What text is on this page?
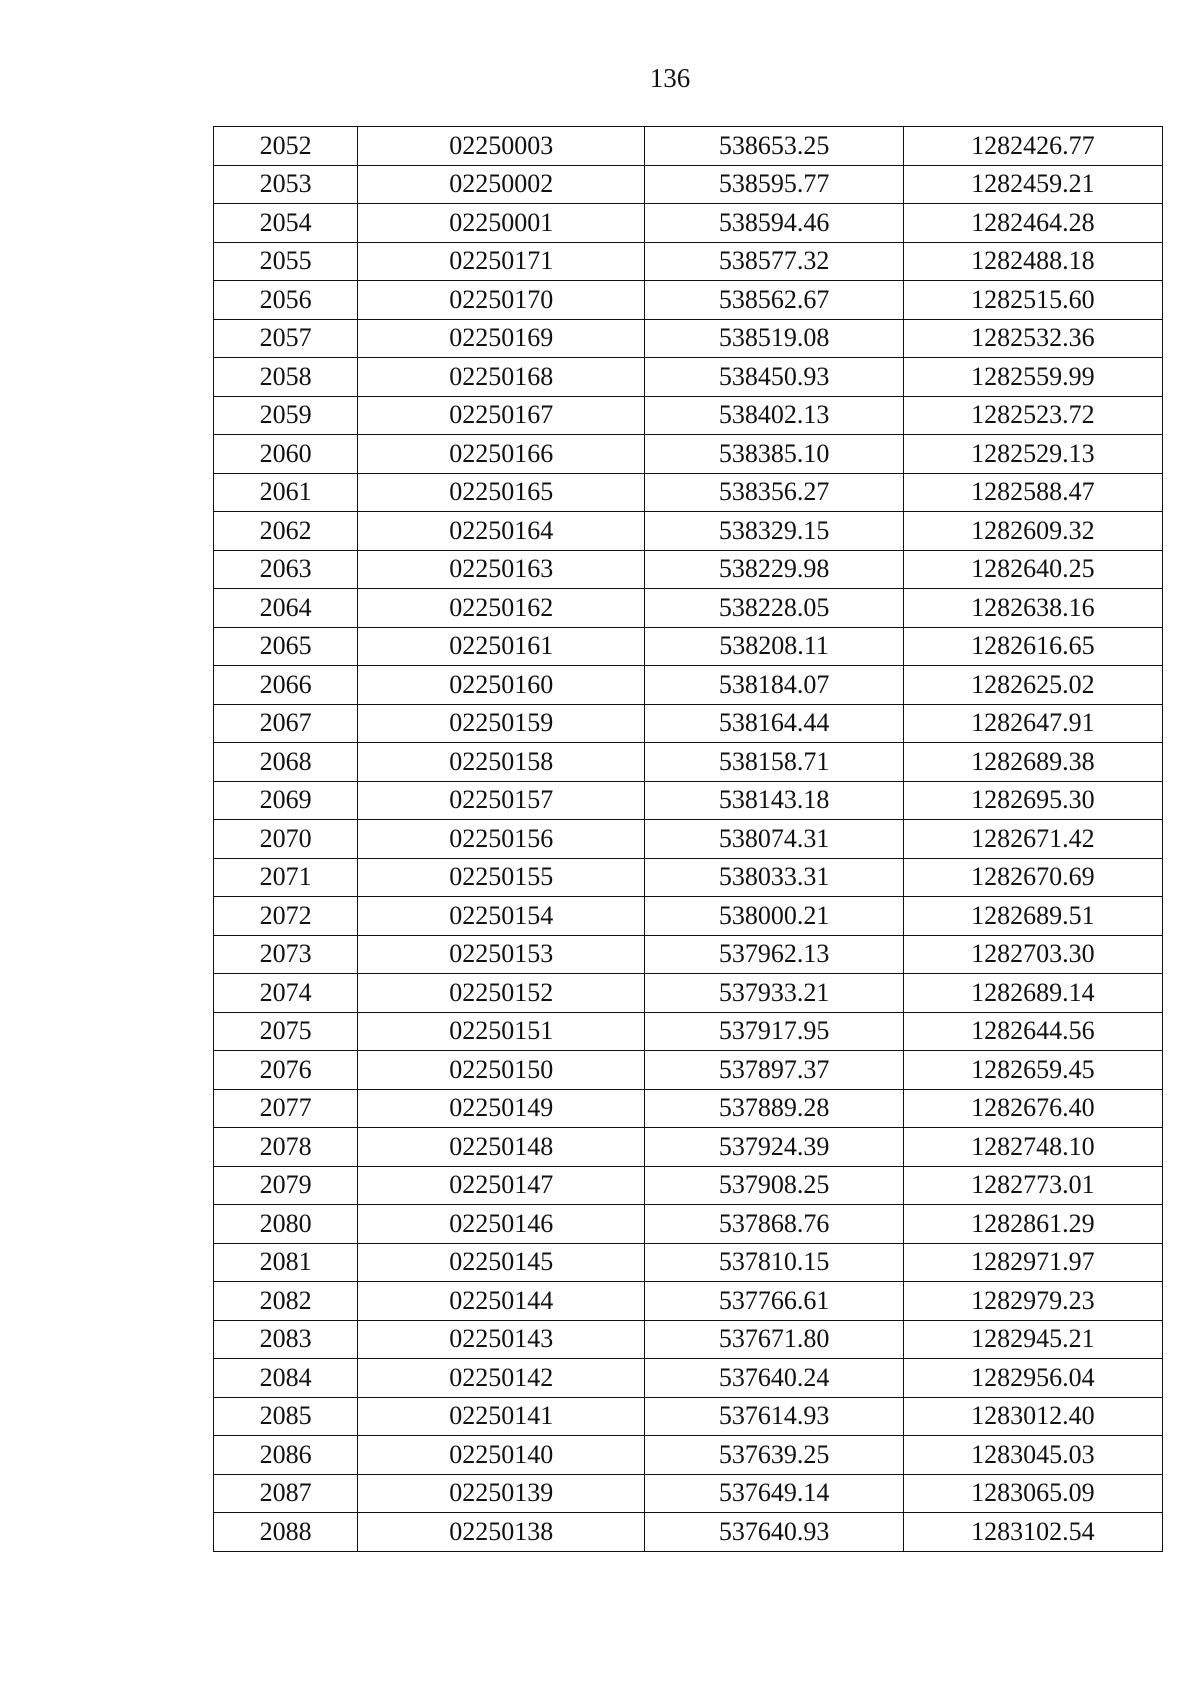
136
2052	02250003	538653.25	1282426.77
2053	02250002	538595.77	1282459.21
2054	02250001	538594.46	1282464.28
2055	02250171	538577.32	1282488.18
2056	02250170	538562.67	1282515.60
2057	02250169	538519.08	1282532.36
2058	02250168	538450.93	1282559.99
2059	02250167	538402.13	1282523.72
2060	02250166	538385.10	1282529.13
2061	02250165	538356.27	1282588.47
2062	02250164	538329.15	1282609.32
2063	02250163	538229.98	1282640.25
2064	02250162	538228.05	1282638.16
2065	02250161	538208.11	1282616.65
2066	02250160	538184.07	1282625.02
2067	02250159	538164.44	1282647.91
2068	02250158	538158.71	1282689.38
2069	02250157	538143.18	1282695.30
2070	02250156	538074.31	1282671.42
2071	02250155	538033.31	1282670.69
2072	02250154	538000.21	1282689.51
2073	02250153	537962.13	1282703.30
2074	02250152	537933.21	1282689.14
2075	02250151	537917.95	1282644.56
2076	02250150	537897.37	1282659.45
2077	02250149	537889.28	1282676.40
2078	02250148	537924.39	1282748.10
2079	02250147	537908.25	1282773.01
2080	02250146	537868.76	1282861.29
2081	02250145	537810.15	1282971.97
2082	02250144	537766.61	1282979.23
2083	02250143	537671.80	1282945.21
2084	02250142	537640.24	1282956.04
2085	02250141	537614.93	1283012.40
2086	02250140	537639.25	1283045.03
2087	02250139	537649.14	1283065.09
2088	02250138	537640.93	1283102.54
